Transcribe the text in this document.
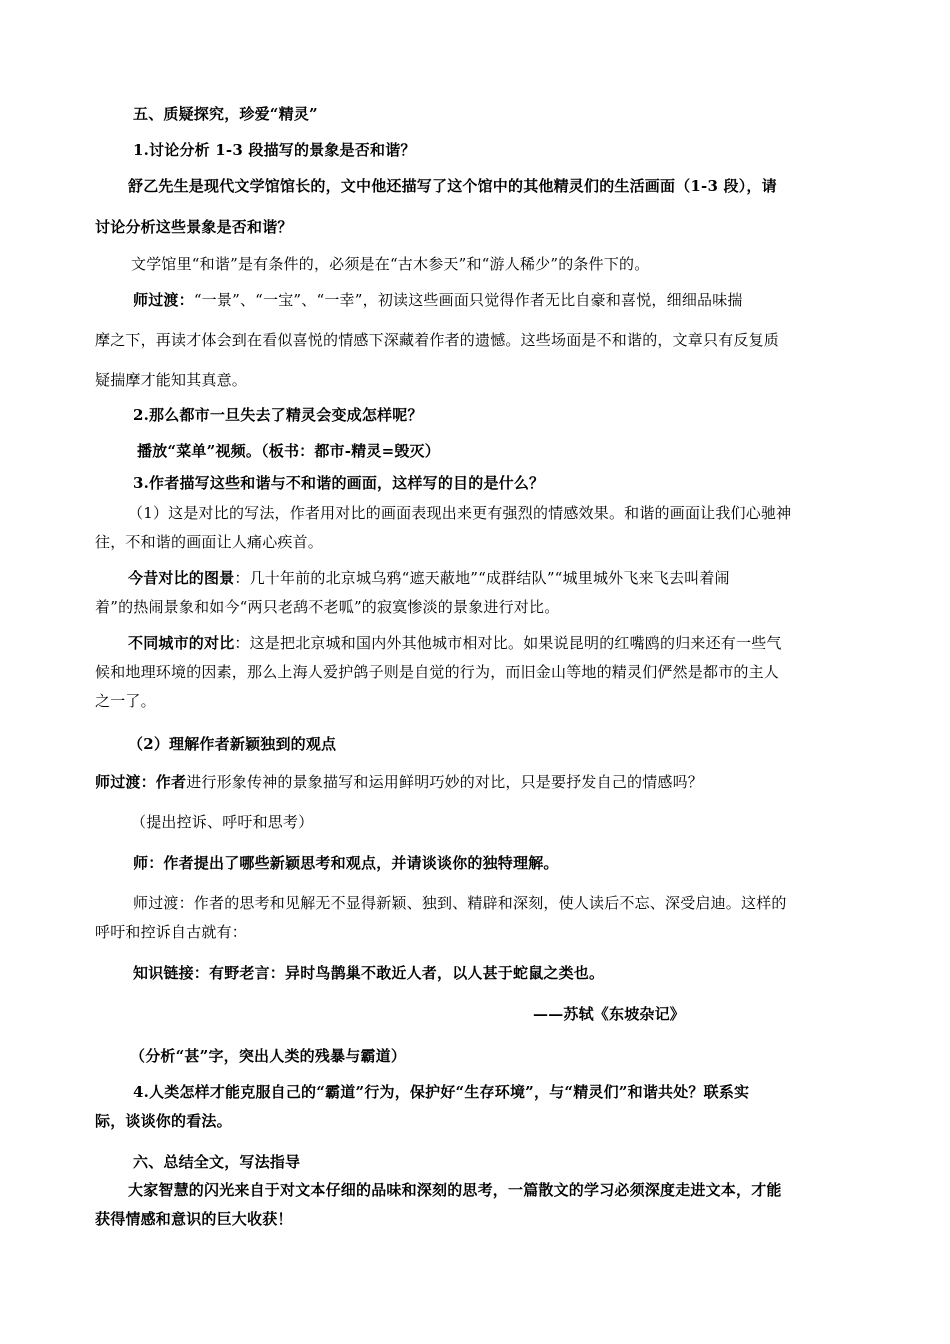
五、质疑探究，珍爱“精灵”
1.讨论分析 1-3 段描写的景象是否和谐？
舒乙先生是现代文学馆馆长的，文中他还描写了这个馆中的其他精灵们的生活画面（1-3 段），请
讨论分析这些景象是否和谐？
文学馆里“和谐”是有条件的，必须是在“古木参天”和“游人稀少”的条件下的。
师过渡：“一景”、“一宝”、“一幸”，初读这些画面只觉得作者无比自豪和喜悦，细细品味揣
摩之下，再读才体会到在看似喜悦的情感下深藏着作者的遗憾。这些场面是不和谐的，文章只有反复质
疑揣摩才能知其真意。
2.那么都市一旦失去了精灵会变成怎样呢？
播放“菜单”视频。（板书：都市-精灵=毁灭）
3.作者描写这些和谐与不和谐的画面，这样写的目的是什么？
（1）这是对比的写法，作者用对比的画面表现出来更有强烈的情感效果。和谐的画面让我们心驰神
往，不和谐的画面让人痛心疾首。
今昔对比的图景：几十年前的北京城乌鸦“遮天蔽地”“成群结队”“城里城外飞来飞去叫着闹
着”的热闹景象和如今“两只老鸹不老呱”的寂寞惨淡的景象进行对比。
不同城市的对比：这是把北京城和国内外其他城市相对比。如果说昆明的红嘴鸥的归来还有一些气
候和地理环境的因素，那么上海人爱护鸽子则是自觉的行为，而旧金山等地的精灵们俨然是都市的主人
之一了。
（2）理解作者新颖独到的观点
师过渡：作者进行形象传神的景象描写和运用鲜明巧妙的对比，只是要抒发自己的情感吗？
（提出控诉、呼吁和思考）
师：作者提出了哪些新颖思考和观点，并请谈谈你的独特理解。
师过渡：作者的思考和见解无不显得新颖、独到、精辟和深刻，使人读后不忘、深受启迪。这样的
呼吁和控诉自古就有：
知识链接：有野老言：异时鸟鹊巢不敢近人者，以人甚于蛇鼠之类也。
——苏轼《东坡杂记》
（分析“甚”字，突出人类的残暴与霸道）
4.人类怎样才能克服自己的“霸道”行为，保护好“生存环境”，与“精灵们”和谐共处？联系实
际，谈谈你的看法。
六、总结全文，写法指导
大家智慧的闪光来自于对文本仔细的品味和深刻的思考，一篇散文的学习必须深度走进文本，才能
获得情感和意识的巨大收获！
